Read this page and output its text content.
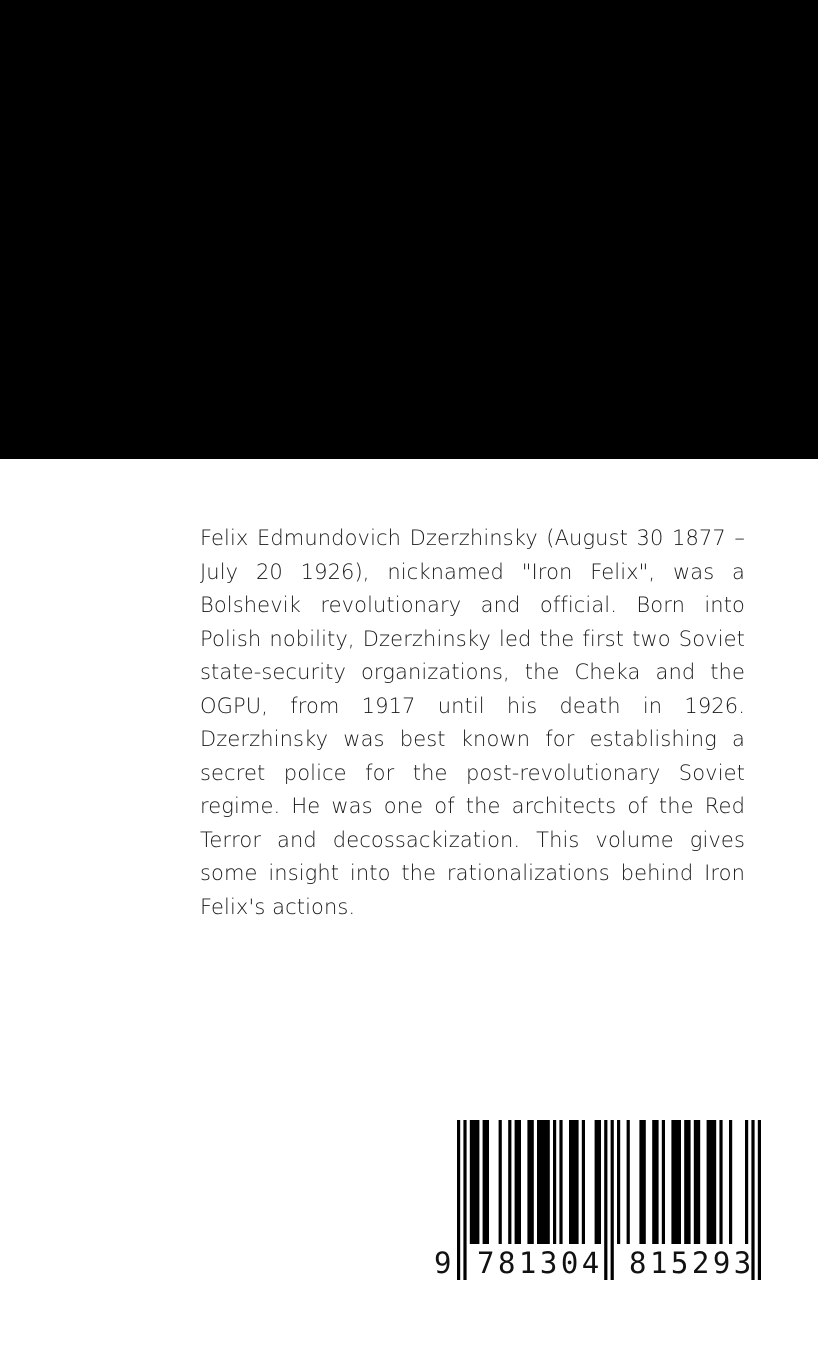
Felix Edmundovich Dzerzhinsky (August 30 1877 – July 20 1926), nicknamed "Iron Felix", was a Bolshevik revolutionary and official. Born into Polish nobility, Dzerzhinsky led the first two Soviet state-security organizations, the Cheka and the OGPU, from 1917 until his death in 1926. Dzerzhinsky was best known for establishing a secret police for the post-revolutionary Soviet regime. He was one of the architects of the Red Terror and decossackization. This volume gives some insight into the rationalizations behind Iron Felix's actions.

9 781304 815293
